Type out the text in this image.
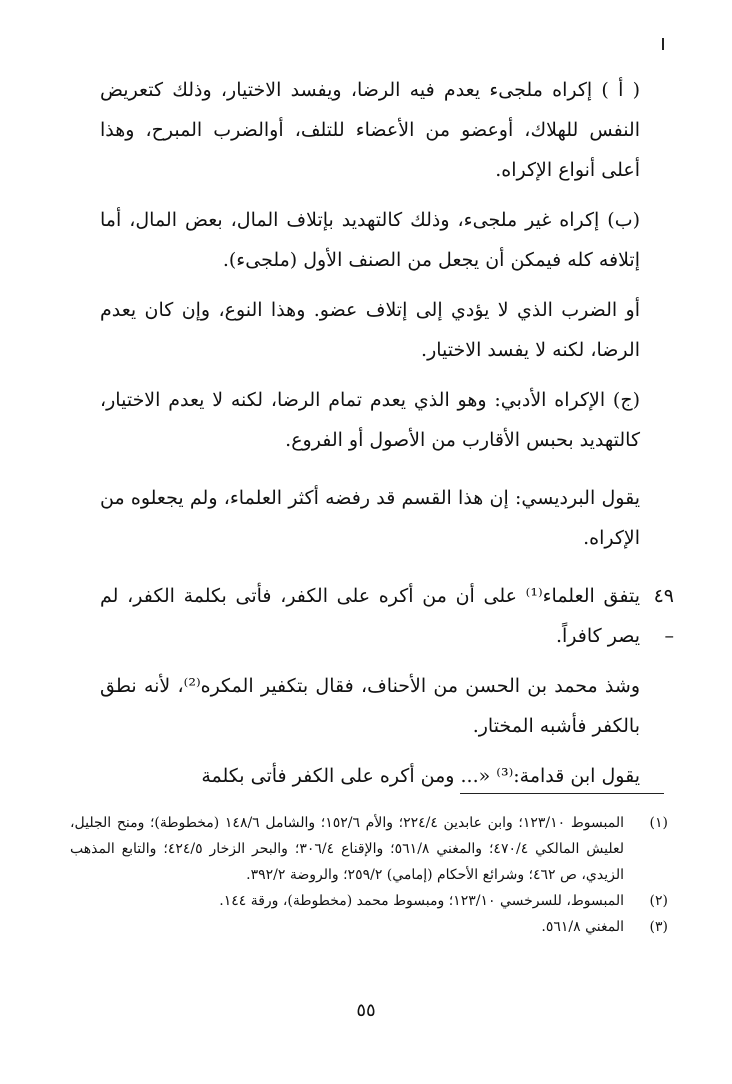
( أ ) إكراه ملجىء يعدم فيه الرضا، ويفسد الاختيار، وذلك كتعريض النفس للهلاك، أوعضو من الأعضاء للتلف، أوالضرب المبرح، وهذا أعلى أنواع الإكراه.

(ب) إكراه غير ملجىء، وذلك كالتهديد بإتلاف المال، بعض المال، أما إتلافه كله فيمكن أن يجعل من الصنف الأول (ملجىء).

أو الضرب الذي لا يؤدي إلى إتلاف عضو. وهذا النوع، وإن كان يعدم الرضا، لكنه لا يفسد الاختيار.

(ج) الإكراه الأدبي: وهو الذي يعدم تمام الرضا، لكنه لا يعدم الاختيار، كالتهديد بحبس الأقارب من الأصول أو الفروع.

يقول البرديسي: إن هذا القسم قد رفضه أكثر العلماء، ولم يجعلوه من الإكراه.

٤٩ –
يتفق العلماء⁽¹⁾ على أن من أكره على الكفر، فأتى بكلمة الكفر، لم يصر كافراً.

وشذ محمد بن الحسن من الأحناف، فقال بتكفير المكره⁽²⁾، لأنه نطق بالكفر فأشبه المختار.

يقول ابن قدامة:⁽³⁾ «... ومن أكره على الكفر فأتى بكلمة

(١)
المبسوط ١٢٣/١٠؛ وابن عابدين ٢٢٤/٤؛ والأم ١٥٢/٦؛ والشامل ١٤٨/٦ (مخطوطة)؛ ومنح الجليل، لعليش المالكي ٤٧٠/٤؛ والمغني ٥٦١/٨؛ والإقناع ٣٠٦/٤؛ والبحر الزخار ٤٢٤/٥؛ والتابع المذهب الزيدي، ص ٤٦٢؛ وشرائع الأحكام (إمامي) ٢٥٩/٢؛ والروضة ٣٩٢/٢.

(٢)
المبسوط، للسرخسي ١٢٣/١٠؛ ومبسوط محمد (مخطوطة)، ورقة ١٤٤.

(٣)
المغني ٥٦١/٨.

٥٥
